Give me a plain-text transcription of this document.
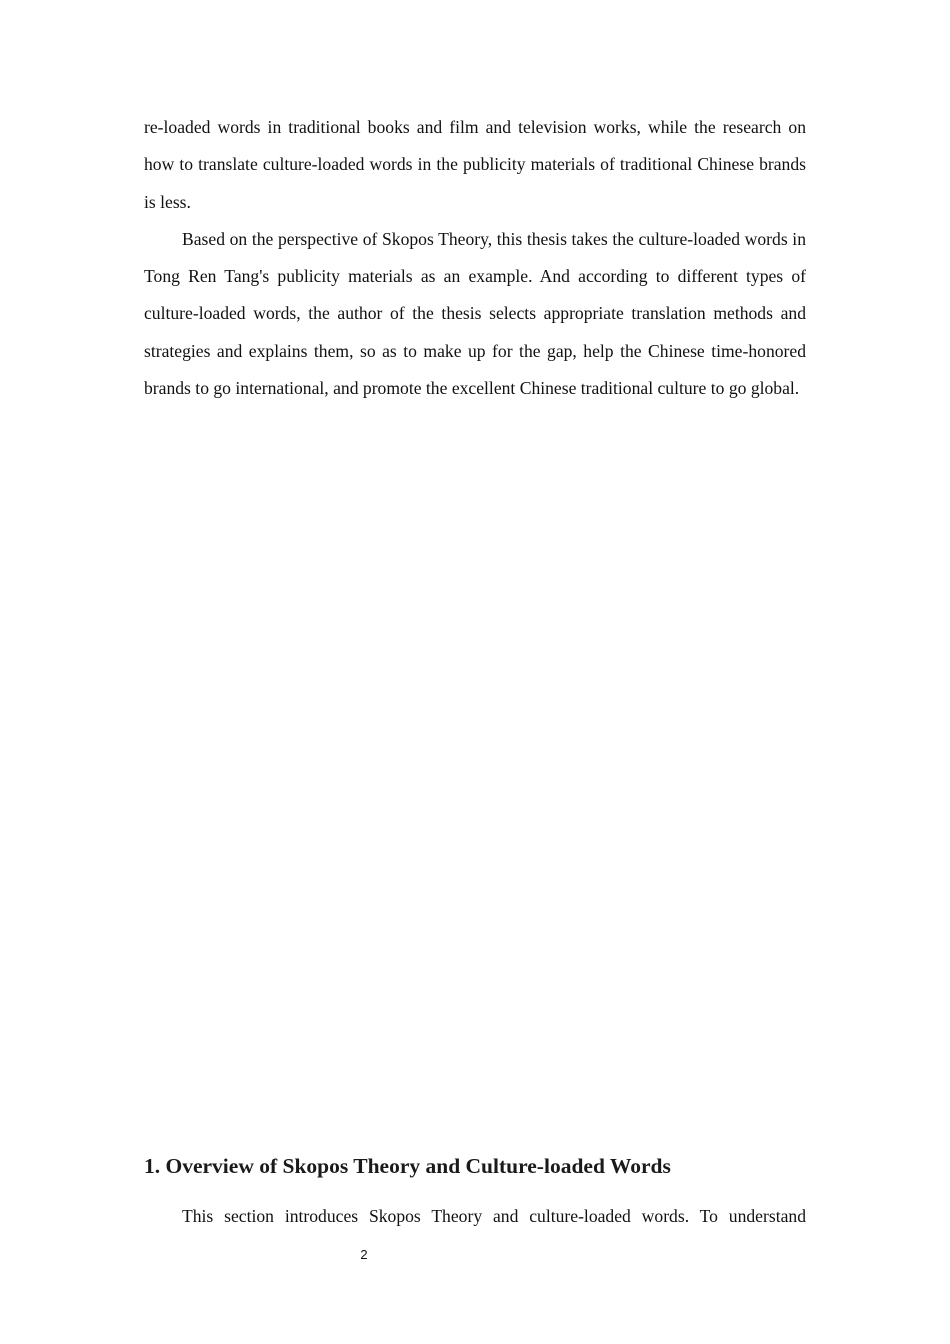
re-loaded words in traditional books and film and television works, while the research on how to translate culture-loaded words in the publicity materials of traditional Chinese brands is less.

Based on the perspective of Skopos Theory, this thesis takes the culture-loaded words in Tong Ren Tang's publicity materials as an example. And according to different types of culture-loaded words, the author of the thesis selects appropriate translation methods and strategies and explains them, so as to make up for the gap, help the Chinese time-honored brands to go international, and promote the excellent Chinese traditional culture to go global.

1. Overview of Skopos Theory and Culture-loaded Words

This section introduces Skopos Theory and culture-loaded words. To understand

2
